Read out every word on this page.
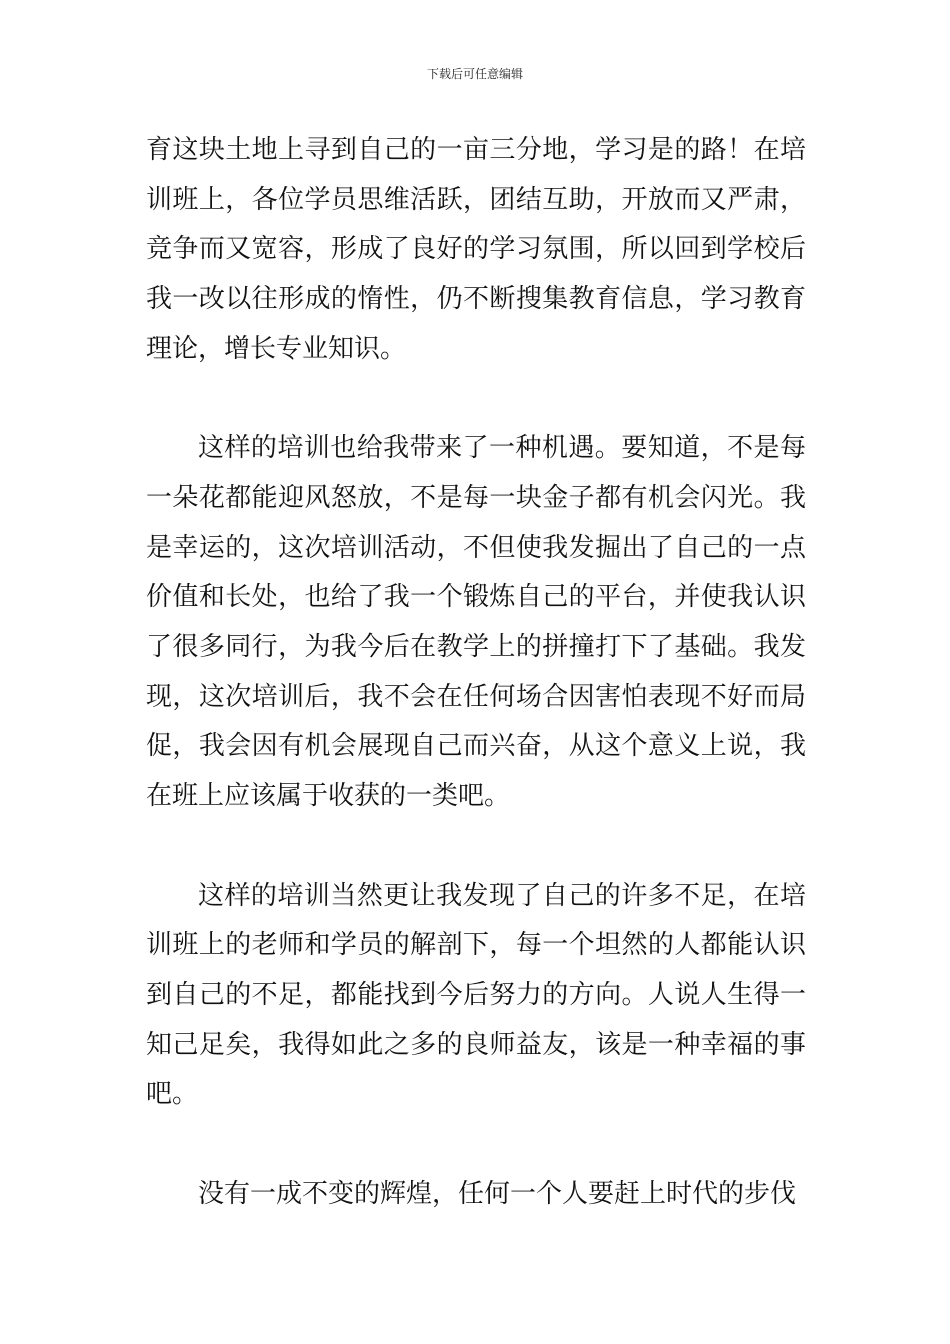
下载后可任意编辑

育这块土地上寻到自己的一亩三分地，学习是的路！在培训班上，各位学员思维活跃，团结互助，开放而又严肃，竞争而又宽容，形成了良好的学习氛围，所以回到学校后我一改以往形成的惰性，仍不断搜集教育信息，学习教育理论，增长专业知识。

这样的培训也给我带来了一种机遇。要知道，不是每一朵花都能迎风怒放，不是每一块金子都有机会闪光。我是幸运的，这次培训活动，不但使我发掘出了自己的一点价值和长处，也给了我一个锻炼自己的平台，并使我认识了很多同行，为我今后在教学上的拼撞打下了基础。我发现，这次培训后，我不会在任何场合因害怕表现不好而局促，我会因有机会展现自己而兴奋，从这个意义上说，我在班上应该属于收获的一类吧。

这样的培训当然更让我发现了自己的许多不足，在培训班上的老师和学员的解剖下，每一个坦然的人都能认识到自己的不足，都能找到今后努力的方向。人说人生得一知己足矣，我得如此之多的良师益友，该是一种幸福的事吧。

没有一成不变的辉煌，任何一个人要赶上时代的步伐
